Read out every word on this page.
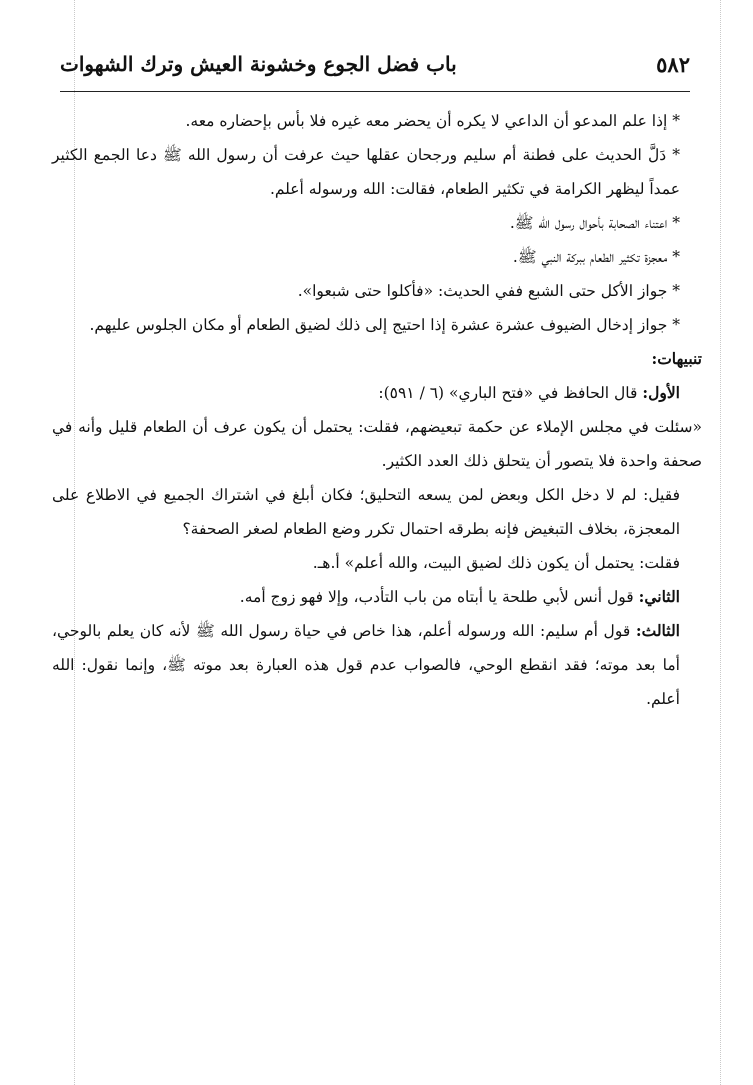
٥٨٢
باب فضل الجوع وخشونة العيش وترك الشهوات

* إذا علم المدعو أن الداعي لا يكره أن يحضر معه غيره فلا بأس بإحضاره معه.

* دَلَّ الحديث على فطنة أم سليم ورجحان عقلها حيث عرفت أن رسول الله ﷺ دعا الجمع الكثير عمداً ليظهر الكرامة في تكثير الطعام، فقالت: الله ورسوله أعلم.

* اعتناء الصحابة بأحوال رسول الله ﷺ.

* معجزة تكثير الطعام ببركة النبي ﷺ.

* جواز الأكل حتى الشبع ففي الحديث: «فأكلوا حتى شبعوا».

* جواز إدخال الضيوف عشرة عشرة إذا احتيج إلى ذلك لضيق الطعام أو مكان الجلوس عليهم.

تنبيهات:

الأول: قال الحافظ في «فتح الباري» (٦ / ٥٩١):

«سئلت في مجلس الإملاء عن حكمة تبعيضهم، فقلت: يحتمل أن يكون عرف أن الطعام قليل وأنه في صحفة واحدة فلا يتصور أن يتحلق ذلك العدد الكثير.

فقيل: لم لا دخل الكل وبعض لمن يسعه التحليق؛ فكان أبلغ في اشتراك الجميع في الاطلاع على المعجزة، بخلاف التبغيض فإنه بطرقه احتمال تكرر وضع الطعام لصغر الصحفة؟

فقلت: يحتمل أن يكون ذلك لضيق البيت، والله أعلم» أ.هـ.

الثاني: قول أنس لأبي طلحة يا أبتاه من باب التأدب، وإلا فهو زوج أمه.

الثالث: قول أم سليم: الله ورسوله أعلم، هذا خاص في حياة رسول الله ﷺ لأنه كان يعلم بالوحي، أما بعد موته؛ فقد انقطع الوحي، فالصواب عدم قول هذه العبارة بعد موته ﷺ، وإنما نقول: الله أعلم.
